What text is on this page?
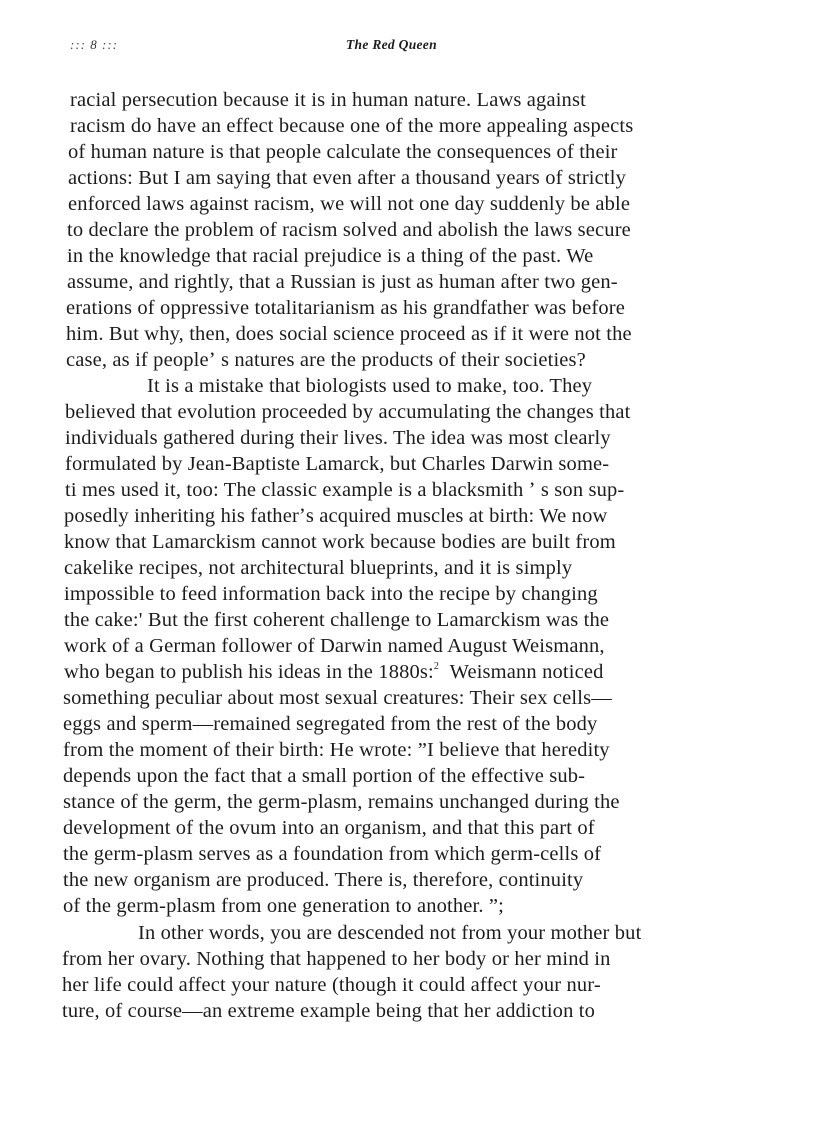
::: 8 :::	The Red Queen
racial persecution because it is in human nature. Laws against
racism do have an effect because one of the more appealing aspects
of human nature is that people calculate the consequences of their
actions: But I am saying that even after a thousand years of strictly
enforced laws against racism, we will not one day suddenly be able
to declare the problem of racism solved and abolish the laws secure
in the knowledge that racial prejudice is a thing of the past. We
assume, and rightly, that a Russian is just as human after two gen-
erations of oppressive totalitarianism as his grandfather was before
him. But why, then, does social science proceed as if it were not the
case, as if peopleʼ s natures are the products of their societies?
It is a mistake that biologists used to make, too. They
believed that evolution proceeded by accumulating the changes that
individuals gathered during their lives. The idea was most clearly
formulated by Jean-Baptiste Lamarck, but Charles Darwin some-
ti mes used it, too: The classic example is a blacksmith ʼ s son sup-
posedly inheriting his fatherʼs acquired muscles at birth: We now
know that Lamarckism cannot work because bodies are built from
cakelike recipes, not architectural blueprints, and it is simply
impossible to feed information back into the recipe by changing
the cake:' But the first coherent challenge to Lamarckism was the
work of a German follower of Darwin named August Weismann,
who began to publish his ideas in the 1880s:$^2$ Weismann noticed
something peculiar about most sexual creatures: Their sex cells—
eggs and sperm—remained segregated from the rest of the body
from the moment of their birth: He wrote: ”I believe that heredity
depends upon the fact that a small portion of the effective sub-
stance of the germ, the germ-plasm, remains unchanged during the
development of the ovum into an organism, and that this part of
the germ-plasm serves as a foundation from which germ-cells of
the new organism are produced. There is, therefore, continuity
of the germ-plasm from one generation to another. ”;
In other words, you are descended not from your mother but
from her ovary. Nothing that happened to her body or her mind in
her life could affect your nature (though it could affect your nur-
ture, of course—an extreme example being that her addiction to
